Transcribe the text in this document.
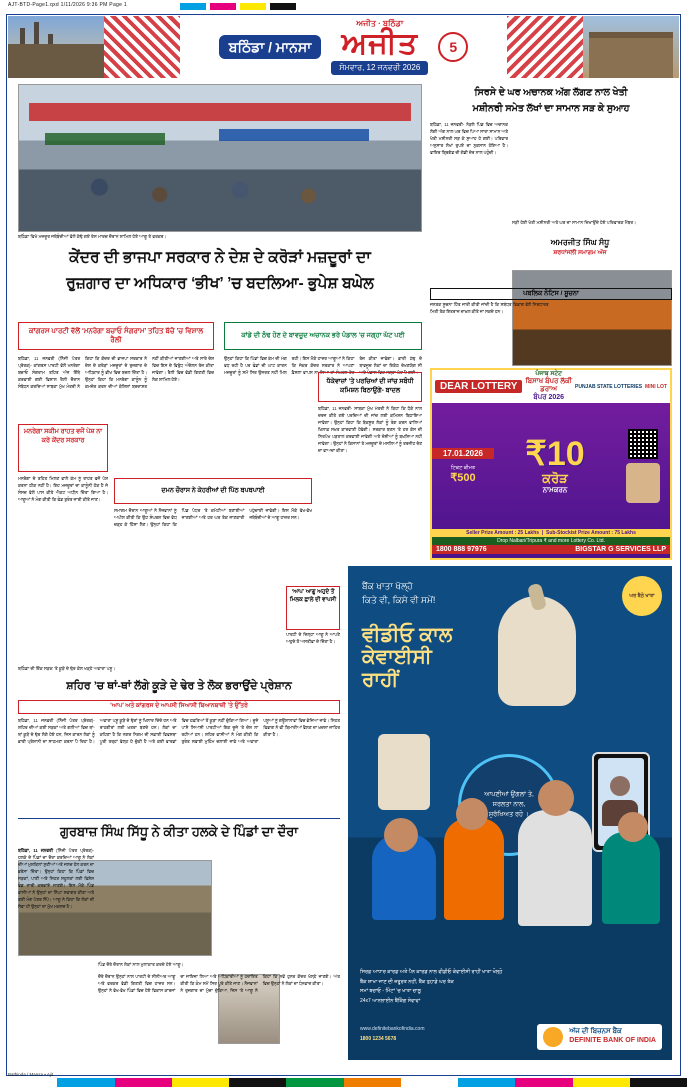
AJT-BTD-Page1.qxd 1/11/2026 9:36 PM Page 1
ਬਠਿੰਡਾ / ਮਾਨਸਾ
ਅਜੀਤ · ਬਠਿੰਡਾ
ਅਜੀਤ
ਸੋਮਵਾਰ, 12 ਜਨਵਰੀ 2026
5
ਬਠਿੰਡਾ ਵਿਖੇ ਮਜ਼ਦੂਰ ਜਥੇਬੰਦੀਆਂ ਵੱਲੋਂ ਕੱਢੇ ਗਏ ਰੋਸ ਮਾਰਚ ਦੌਰਾਨ ਸ਼ਾਮਿਲ ਹੋਏ ਆਗੂ ਤੇ ਵਰਕਰ।
ਕੇਂਦਰ ਦੀ ਭਾਜਪਾ ਸਰਕਾਰ ਨੇ ਦੇਸ਼ ਦੇ ਕਰੋੜਾਂ ਮਜ਼ਦੂਰਾਂ ਦਾ
ਰੁਜ਼ਗਾਰ ਦਾ ਅਧਿਕਾਰ ‘ਭੀਖ’ ’ਚ ਬਦਲਿਆ- ਭੁਪੇਸ਼ ਬਘੇਲ
ਕਾਂਗਰਸ ਪਾਰਟੀ ਵੱਲੋਂ ‘ਮਨਰੇਗਾ ਬਚਾਓ ਸੰਗਰਾਮ’ ਤਹਿਤ ਬੱਚੋ ’ਚ ਵਿਸ਼ਾਲ ਰੈਲੀ
ਕਾਂਡੇ ਦੀ ਠੰਢ ਹੋਣ ਦੇ ਬਾਵਜੂਦ ਅਚਾਨਕ ਭਰੇ ਪੰਡਾਲ ’ਚ ਜਗ੍ਹਾ ਘੱਟ ਪਈ
ਬਠਿੰਡਾ, 11 ਜਨਵਰੀ (ਨਿੱਜੀ ਪੱਤਰ ਪ੍ਰੇਰਕ)- ਕਾਂਗਰਸ ਪਾਰਟੀ ਵੱਲੋਂ ਮਨਰੇਗਾ ਬਚਾਓ ਸੰਗਰਾਮ ਤਹਿਤ ਅੱਜ ਇੱਥੇ ਕਰਵਾਈ ਗਈ ਵਿਸ਼ਾਲ ਰੈਲੀ ਦੌਰਾਨ ਸੰਬੋਧਨ ਕਰਦਿਆਂ ਸਾਬਕਾ ਮੁੱਖ ਮੰਤਰੀ ਨੇ ਕਿਹਾ ਕਿ ਕੇਂਦਰ ਦੀ ਭਾਜਪਾ ਸਰਕਾਰ ਨੇ ਦੇਸ਼ ਦੇ ਕਰੋੜਾਂ ਮਜ਼ਦੂਰਾਂ ਦੇ ਰੁਜ਼ਗਾਰ ਦੇ ਅਧਿਕਾਰ ਨੂੰ ਭੀਖ ਵਿਚ ਬਦਲ ਦਿੱਤਾ ਹੈ। ਉਨ੍ਹਾਂ ਕਿਹਾ ਕਿ ਮਨਰੇਗਾ ਕਾਨੂੰਨ ਨੂੰ ਕਮਜ਼ੋਰ ਕਰਨ ਦੀਆਂ ਕੋਸ਼ਿਸ਼ਾਂ ਬਰਦਾਸ਼ਤ ਨਹੀਂ ਕੀਤੀਆਂ ਜਾਣਗੀਆਂ ਅਤੇ ਸਾਰੇ ਦੇਸ਼ ਵਿਚ ਇਸ ਦੇ ਵਿਰੁੱਧ ਅੰਦੋਲਨ ਤੇਜ਼ ਕੀਤਾ ਜਾਵੇਗਾ। ਰੈਲੀ ਵਿਚ ਵੱਡੀ ਗਿਣਤੀ ਵਿਚ ਲੋਕ ਸ਼ਾਮਿਲ ਹੋਏ।
ਉਨ੍ਹਾਂ ਕਿਹਾ ਕਿ ਪਿੰਡਾਂ ਵਿਚ ਕੰਮ ਦੀ ਮੰਗ ਵਧ ਰਹੀ ਹੈ ਪਰ ਫੰਡਾਂ ਦੀ ਘਾਟ ਕਾਰਨ ਮਜ਼ਦੂਰਾਂ ਨੂੰ ਸਮੇਂ ਸਿਰ ਉਜਰਤ ਨਹੀਂ ਮਿਲ ਰਹੀ। ਇਸ ਮੌਕੇ ਹਾਜ਼ਰ ਆਗੂਆਂ ਨੇ ਕਿਹਾ ਕਿ ਜੇਕਰ ਕੇਂਦਰ ਸਰਕਾਰ ਨੇ ਆਪਣਾ ਫ਼ੈਸਲਾ ਵਾਪਸ ਨਾ ਲਿਆ ਤਾਂ ਸੰਘਰਸ਼ ਹੋਰ ਤੇਜ਼ ਕੀਤਾ ਜਾਵੇਗਾ। ਭਾਰੀ ਠੰਢ ਦੇ ਬਾਵਜੂਦ ਲੋਕਾਂ ਦਾ ਇਕੱਠ ਦੇਖਣਯੋਗ ਸੀ ਅਤੇ ਪੰਡਾਲ ਵਿਚ ਜਗ੍ਹਾ ਘੱਟ ਪੈ ਗਈ।
ਮਨਰੇਗਾ ਸਕੀਮ ਰਾਹਤ ਵਜੋਂ ਪੇਸ਼ ਨਾ ਕਰੇ ਕੇਂਦਰ ਸਰਕਾਰ
ਮਨਰੇਗਾ ਦੇ ਤਹਿਤ ਮਿਲਣ ਵਾਲੇ ਕੰਮ ਨੂੰ ਰਾਹਤ ਵਜੋਂ ਪੇਸ਼ ਕਰਨਾ ਠੀਕ ਨਹੀਂ ਹੈ। ਇਹ ਮਜ਼ਦੂਰਾਂ ਦਾ ਕਾਨੂੰਨੀ ਹੱਕ ਹੈ ਜੋ ਸੰਸਦ ਵੱਲੋਂ ਪਾਸ ਕੀਤੇ ਐਕਟ ਅਧੀਨ ਦਿੱਤਾ ਗਿਆ ਹੈ। ਆਗੂਆਂ ਨੇ ਮੰਗ ਕੀਤੀ ਕਿ ਫੰਡ ਤੁਰੰਤ ਜਾਰੀ ਕੀਤੇ ਜਾਣ।
ਦਮਨ ਚੌਰਾਸ ਨੇ ਕੇਹਰੀਆਂ ਦੀ ਪਿੱਠ ਥਪਥਪਾਈ
ਸਮਾਗਮ ਦੌਰਾਨ ਆਗੂਆਂ ਨੇ ਨੌਜਵਾਨਾਂ ਨੂੰ ਅਪੀਲ ਕੀਤੀ ਕਿ ਉਹ ਸੰਘਰਸ਼ ਵਿਚ ਵੱਧ ਚੜ੍ਹ ਕੇ ਹਿੱਸਾ ਲੈਣ। ਉਨ੍ਹਾਂ ਕਿਹਾ ਕਿ ਪਿੰਡ ਪੱਧਰ ’ਤੇ ਕਮੇਟੀਆਂ ਬਣਾਈਆਂ ਜਾਣਗੀਆਂ ਅਤੇ ਹਰ ਘਰ ਤੱਕ ਜਾਣਕਾਰੀ ਪਹੁੰਚਾਈ ਜਾਵੇਗੀ। ਇਸ ਮੌਕੇ ਵੱਖ-ਵੱਖ ਜਥੇਬੰਦੀਆਂ ਦੇ ਆਗੂ ਹਾਜ਼ਰ ਸਨ।
ਧੱਕੇਵਾਜ਼ਾਂ ’ਤੇ ਪਰਚਿਆਂ ਦੀ ਜਾਂਚ ਸਬੰਧੀ ਕਮਿਸ਼ਨ ਬਿਠਾਉਂਗੇ- ਬਾਦਲ
ਬਠਿੰਡਾ, 11 ਜਨਵਰੀ- ਸਾਬਕਾ ਮੁੱਖ ਮੰਤਰੀ ਨੇ ਕਿਹਾ ਕਿ ਧੱਕੇ ਨਾਲ ਦਰਜ ਕੀਤੇ ਗਏ ਪਰਚਿਆਂ ਦੀ ਜਾਂਚ ਲਈ ਕਮਿਸ਼ਨ ਬਿਠਾਇਆ ਜਾਵੇਗਾ। ਉਨ੍ਹਾਂ ਕਿਹਾ ਕਿ ਬੇਕਸੂਰ ਲੋਕਾਂ ਨੂੰ ਤੰਗ ਕਰਨ ਵਾਲਿਆਂ ਖ਼ਿਲਾਫ਼ ਸਖ਼ਤ ਕਾਰਵਾਈ ਹੋਵੇਗੀ। ਸਰਕਾਰ ਬਣਨ ’ਤੇ ਹਰ ਕੇਸ ਦੀ ਨਿਰਪੱਖ ਪੜਤਾਲ ਕਰਵਾਈ ਜਾਵੇਗੀ ਅਤੇ ਦੋਸ਼ੀਆਂ ਨੂੰ ਬਖ਼ਸ਼ਿਆ ਨਹੀਂ ਜਾਵੇਗਾ। ਉਨ੍ਹਾਂ ਨੇ ਕਿਸਾਨਾਂ ਤੇ ਮਜ਼ਦੂਰਾਂ ਦੇ ਮਸਲਿਆਂ ਨੂੰ ਤਰਜੀਹ ਦੇਣ ਦਾ ਵਾਅਦਾ ਕੀਤਾ।
ਸਿਰਸੇ ਦੇ ਘਰ ਅਚਾਨਕ ਅੱਗ ਲੱਗਣ ਨਾਲ ਖੇਤੀ
ਮਸ਼ੀਨਰੀ ਸਮੇਤ ਲੱਖਾਂ ਦਾ ਸਾਮਾਨ ਸੜ ਕੇ ਸੁਆਹ
ਸੜੀ ਹੋਈ ਖੇਤੀ ਮਸ਼ੀਨਰੀ ਅਤੇ ਘਰ ਦਾ ਸਾਮਾਨ ਦਿਖਾਉਂਦੇ ਹੋਏ ਪਰਿਵਾਰਕ ਮੈਂਬਰ।
ਬਠਿੰਡਾ, 11 ਜਨਵਰੀ- ਨੇੜਲੇ ਪਿੰਡ ਵਿਚ ਅਚਾਨਕ ਲੱਗੀ ਅੱਗ ਨਾਲ ਘਰ ਵਿਚ ਪਿਆ ਸਾਰਾ ਸਾਮਾਨ ਅਤੇ ਖੇਤੀ ਮਸ਼ੀਨਰੀ ਸੜ ਕੇ ਸੁਆਹ ਹੋ ਗਈ। ਪਰਿਵਾਰ ਅਨੁਸਾਰ ਲੱਖਾਂ ਰੁਪਏ ਦਾ ਨੁਕਸਾਨ ਹੋਇਆ ਹੈ। ਫਾਇਰ ਬ੍ਰਿਗੇਡ ਦੀ ਗੱਡੀ ਦੇਰ ਨਾਲ ਪਹੁੰਚੀ।
ਅਮਰਜੀਤ ਸਿੰਘ ਸੰਧੂ
ਸ਼ਰਧਾਂਜਲੀ ਸਮਾਗਮ ਅੱਜ
ਪਬਲਿਕ ਨੋਟਿਸ / ਸੂਚਨਾ
ਜਨਤਕ ਸੂਚਨਾ ਹਿੱਤ ਜਾਰੀ ਕੀਤੀ ਜਾਂਦੀ ਹੈ ਕਿ ਸਬੰਧਤ ਵਿਭਾਗ ਵੱਲੋਂ ਨਿਰਧਾਰਤ ਮਿਤੀ ਤੱਕ ਇਤਰਾਜ਼ ਦਾਖ਼ਲ ਕੀਤੇ ਜਾ ਸਕਦੇ ਹਨ।
DEAR LOTTERY
ਪੰਜਾਬ ਸਟੇਟ
ਬਿਸਾਖ ਬੰਪਰ ਲੱਕੀ ਡਰਾਅ
ਬੰਪਰ 2026
PUNJAB STATE LOTTERIES MINI LOT
17.01.2026
ਟਿਕਟ ਕੀਮਤ
₹500
₹10
ਕਰੋੜ
ਨਾਮਕਰਨ
Seller Prize Amount : 25 Lakhs  |  Sub-Stockist Prize Amount : 75 Lakhs
Drop Nalbari/Tripura ₹ and more Lottery Co. Ltd.
1800 888 97976	BIGSTAR G SERVICES LLP
ਬਠਿੰਡਾ ਦੀ ਇੱਕ ਸੜਕ ’ਤੇ ਕੂੜੇ ਦੇ ਢੇਰ ਕੋਲ ਖੜ੍ਹੇ ਅਵਾਰਾ ਪਸ਼ੂ।
ਸ਼ਹਿਰ ’ਚ ਥਾਂ-ਥਾਂ ਲੱਗੇ ਕੂੜੇ ਦੇ ਢੇਰ ਤੇ ਲੋਕ ਭਰਾਉਂਦੇ ਪ੍ਰੇਸ਼ਾਨ
‘ਆਪ’ ਅਤੇ ਕਾਂਗਰਸ ਦੇ ਆਪਸੀ ਸਿਆਸੀ ਬਿਆਨਬਾਜ਼ੀ ’ਤੇ ਉੱਤਰੇ
ਬਠਿੰਡਾ, 11 ਜਨਵਰੀ (ਨਿੱਜੀ ਪੱਤਰ ਪ੍ਰੇਰਕ)- ਸ਼ਹਿਰ ਦੀਆਂ ਕਈ ਸੜਕਾਂ ਅਤੇ ਗਲੀਆਂ ਵਿਚ ਥਾਂ-ਥਾਂ ਕੂੜੇ ਦੇ ਢੇਰ ਲੱਗੇ ਹੋਏ ਹਨ, ਜਿਸ ਕਾਰਨ ਲੋਕਾਂ ਨੂੰ ਭਾਰੀ ਪ੍ਰੇਸ਼ਾਨੀ ਦਾ ਸਾਹਮਣਾ ਕਰਨਾ ਪੈ ਰਿਹਾ ਹੈ। ਅਵਾਰਾ ਪਸ਼ੂ ਕੂੜੇ ਦੇ ਢੇਰਾਂ ਨੂੰ ਖਿਲਾਰ ਦਿੰਦੇ ਹਨ ਅਤੇ ਰਾਹਗੀਰਾਂ ਲਈ ਖ਼ਤਰਾ ਬਣਦੇ ਹਨ। ਲੋਕਾਂ ਦਾ ਕਹਿਣਾ ਹੈ ਕਿ ਨਗਰ ਨਿਗਮ ਦੀ ਸਫ਼ਾਈ ਵਿਵਸਥਾ ਪੂਰੀ ਤਰ੍ਹਾਂ ਫੇਲ੍ਹ ਹੋ ਚੁੱਕੀ ਹੈ ਅਤੇ ਕਈ ਵਾਰਡਾਂ ਵਿਚ ਹਫ਼ਤਿਆਂ ਤੋਂ ਕੂੜਾ ਨਹੀਂ ਚੁੱਕਿਆ ਗਿਆ। ਦੂਜੇ ਪਾਸੇ ਸਿਆਸੀ ਪਾਰਟੀਆਂ ਇਕ ਦੂਜੇ ’ਤੇ ਦੋਸ਼ ਲਾ ਰਹੀਆਂ ਹਨ। ਸ਼ਹਿਰ ਵਾਸੀਆਂ ਨੇ ਮੰਗ ਕੀਤੀ ਕਿ ਤੁਰੰਤ ਸਫ਼ਾਈ ਮੁਹਿੰਮ ਚਲਾਈ ਜਾਵੇ ਅਤੇ ਅਵਾਰਾ ਪਸ਼ੂਆਂ ਨੂੰ ਗਊਸ਼ਾਲਾਵਾਂ ਵਿਚ ਭੇਜਿਆ ਜਾਵੇ। ਸਿਹਤ ਵਿਭਾਗ ਨੇ ਵੀ ਬਿਮਾਰੀਆਂ ਫੈਲਣ ਦਾ ਖ਼ਦਸ਼ਾ ਜ਼ਾਹਿਰ ਕੀਤਾ ਹੈ।
‘ਆਪ’ ਆਗੂ ਅਹੁਦੇ ਤੋਂ ਮਿਲਕ ਛਾਲੇ ਦੀ ਵਾਪਸੀ
ਪਾਰਟੀ ਦੇ ਜ਼ਿਲ੍ਹਾ ਆਗੂ ਨੇ ਆਪਣੇ ਅਹੁਦੇ ਤੋਂ ਅਸਤੀਫ਼ਾ ਦੇ ਦਿੱਤਾ ਹੈ।
ਗੁਰਬਾਜ਼ ਸਿੰਘ ਸਿੱਧੂ ਨੇ ਕੀਤਾ ਹਲਕੇ ਦੇ ਪਿੰਡਾਂ ਦਾ ਦੌਰਾ
ਪਿੰਡ ਦੌਰੇ ਦੌਰਾਨ ਲੋਕਾਂ ਨਾਲ ਮੁਲਾਕਾਤ ਕਰਦੇ ਹੋਏ ਆਗੂ।
ਬਠਿੰਡਾ, 11 ਜਨਵਰੀ (ਨਿੱਜੀ ਪੱਤਰ ਪ੍ਰੇਰਕ)- ਹਲਕੇ ਦੇ ਪਿੰਡਾਂ ਦਾ ਦੌਰਾ ਕਰਦਿਆਂ ਆਗੂ ਨੇ ਲੋਕਾਂ ਦੀਆਂ ਮੁਸ਼ਕਿਲਾਂ ਸੁਣੀਆਂ ਅਤੇ ਜਲਦ ਹੱਲ ਕਰਨ ਦਾ ਭਰੋਸਾ ਦਿੱਤਾ। ਉਨ੍ਹਾਂ ਕਿਹਾ ਕਿ ਪਿੰਡਾਂ ਵਿਚ ਸੜਕਾਂ, ਪਾਣੀ ਅਤੇ ਸਿਹਤ ਸਹੂਲਤਾਂ ਲਈ ਵਿਸ਼ੇਸ਼ ਫੰਡ ਜਾਰੀ ਕਰਵਾਏ ਜਾਣਗੇ। ਇਸ ਮੌਕੇ ਪਿੰਡ ਵਾਸੀਆਂ ਨੇ ਉਨ੍ਹਾਂ ਦਾ ਨਿੱਘਾ ਸਵਾਗਤ ਕੀਤਾ ਅਤੇ ਕਈ ਮੰਗ ਪੱਤਰ ਸੌਂਪੇ। ਆਗੂ ਨੇ ਕਿਹਾ ਕਿ ਲੋਕਾਂ ਦੀ ਸੇਵਾ ਹੀ ਉਨ੍ਹਾਂ ਦਾ ਮੁੱਖ ਮਕਸਦ ਹੈ।
ਦੌਰੇ ਦੌਰਾਨ ਉਨ੍ਹਾਂ ਨਾਲ ਪਾਰਟੀ ਦੇ ਸੀਨੀਅਰ ਆਗੂ ਅਤੇ ਵਰਕਰ ਵੱਡੀ ਗਿਣਤੀ ਵਿਚ ਹਾਜ਼ਰ ਸਨ। ਉਨ੍ਹਾਂ ਨੇ ਵੱਖ-ਵੱਖ ਪਿੰਡਾਂ ਵਿਚ ਹੋਏ ਵਿਕਾਸ ਕਾਰਜਾਂ ਦਾ ਜਾਇਜ਼ਾ ਲਿਆ ਅਤੇ ਅਧਿਕਾਰੀਆਂ ਨੂੰ ਹਦਾਇਤ ਕੀਤੀ ਕਿ ਕੰਮ ਸਮੇਂ ਸਿਰ ਪੂਰੇ ਕੀਤੇ ਜਾਣ। ਨੌਜਵਾਨਾਂ ਨੇ ਰੁਜ਼ਗਾਰ ਦਾ ਮੁੱਦਾ ਚੁੱਕਿਆ, ਜਿਸ ’ਤੇ ਆਗੂ ਨੇ ਕਿਹਾ ਕਿ ਨਵੇਂ ਹੁਨਰ ਕੇਂਦਰ ਖੋਲ੍ਹੇ ਜਾਣਗੇ। ਅੰਤ ਵਿਚ ਉਨ੍ਹਾਂ ਨੇ ਲੋਕਾਂ ਦਾ ਧੰਨਵਾਦ ਕੀਤਾ।
ਬੈਂਕ ਖਾਤਾ ਖੋਲ੍ਹੋ
ਕਿਤੇ ਵੀ, ਕਿਸੇ ਵੀ ਸਮੇਂ!
ਵੀਡੀਓ ਕਾਲ
ਕੇਵਾਈਸੀ
ਰਾਹੀਂ
ਘਰ ਬੈਠੇ ਖਾਤਾ
ਆਪਣੀਆਂ ਉਂਗਲਾਂ ਤੇ,
ਸਰਲਤਾ ਨਾਲ,
ਸੁਰੱਖਿਅਤ ਰਹੋ ।
ਸਿਰਫ਼ ਆਧਾਰ ਕਾਰਡ ਅਤੇ ਪੈਨ ਕਾਰਡ ਨਾਲ ਵੀਡੀਓ ਕੇਵਾਈਸੀ ਰਾਹੀਂ ਖਾਤਾ ਖੋਲ੍ਹੋ
ਬੈਂਕ ਸ਼ਾਖਾ ਜਾਣ ਦੀ ਜ਼ਰੂਰਤ ਨਹੀਂ, ਬੈਂਕ ਤੁਹਾਡੇ ਘਰ ਤੱਕ
ਸਮਾਂ ਬਚਾਓ - ਮਿੰਟਾਂ ’ਚ ਖਾਤਾ ਚਾਲੂ
24x7 ਆਨਲਾਈਨ ਬੈਂਕਿੰਗ ਸੇਵਾਵਾਂ
www.definitebankofindia.com
1800 1234 5678
ਅੱਜ ਦੀ ਬਿਜ਼ਨਸ ਬੈਂਕ
DEFINITE BANK OF INDIA
Bathinda / Mansa • Ajit
